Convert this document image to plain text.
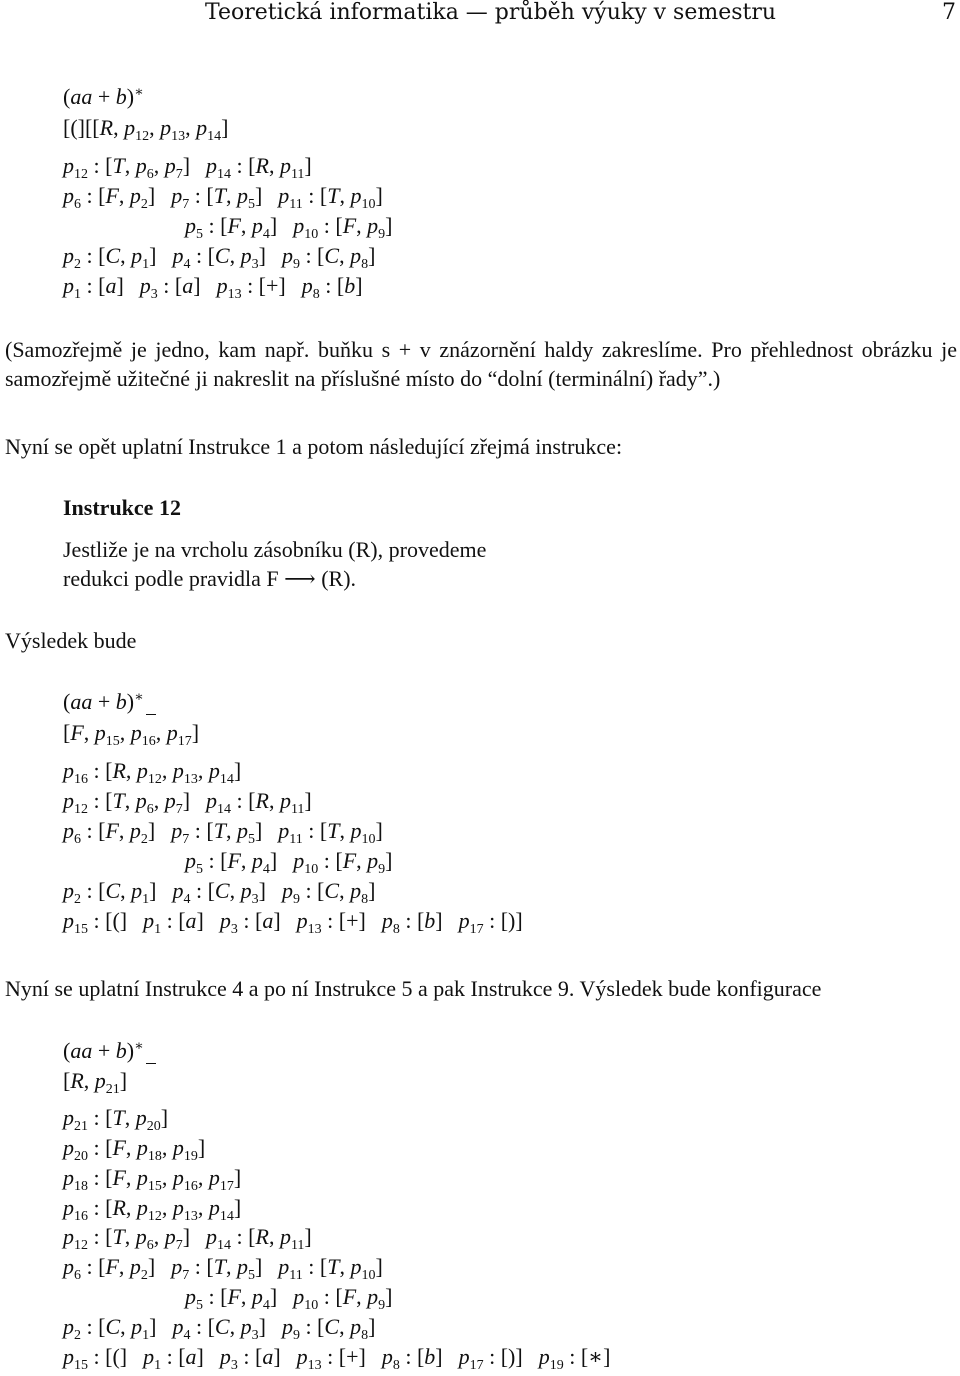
Teoretická informatika — průběh výuky v semestru	7
(aa + b)∗
[(][[R, $p_{12}$, $p_{13}$, $p_{14}$]
$p_{12}$ : [T, $p_6$, $p_7$] $p_{14}$ : [R, $p_{11}$]
$p_6$ : [F, $p_2$] $p_7$ : [T, $p_5$] $p_{11}$ : [T, $p_{10}$]
$p_5$ : [F, $p_4$] $p_{10}$ : [F, $p_9$]
$p_2$ : [C, $p_1$] $p_4$ : [C, $p_3$] $p_9$ : [C, $p_8$]
$p_1$ : [a] $p_3$ : [a] $p_{13}$ : [+] $p_8$ : [b]
(Samozřejmě je jedno, kam např. buňku s + v znázornění haldy zakreslíme. Pro přehlednost obrázku je samozřejmě užitečné ji nakreslit na příslušné místo do “dolní (terminální) řady”.)
Nyní se opět uplatní Instrukce 1 a potom následující zřejmá instrukce:
Instrukce 12
Jestliže je na vrcholu zásobníku (R), provedeme
redukci podle pravidla F ⟶ (R).
Výsledek bude
(aa + b)∗
[F, $p_{15}$, $p_{16}$, $p_{17}$]
$p_{16}$ : [R, $p_{12}$, $p_{13}$, $p_{14}$]
$p_{12}$ : [T, $p_6$, $p_7$] $p_{14}$ : [R, $p_{11}$]
$p_6$ : [F, $p_2$] $p_7$ : [T, $p_5$] $p_{11}$ : [T, $p_{10}$]
$p_5$ : [F, $p_4$] $p_{10}$ : [F, $p_9$]
$p_2$ : [C, $p_1$] $p_4$ : [C, $p_3$] $p_9$ : [C, $p_8$]
$p_{15}$ : [(] $p_1$ : [a] $p_3$ : [a] $p_{13}$ : [+] $p_8$ : [b] $p_{17}$ : [)]
Nyní se uplatní Instrukce 4 a po ní Instrukce 5 a pak Instrukce 9. Výsledek bude konfigurace
(aa + b)∗
[R, $p_{21}$]
$p_{21}$ : [T, $p_{20}$]
$p_{20}$ : [F, $p_{18}$, $p_{19}$]
$p_{18}$ : [F, $p_{15}$, $p_{16}$, $p_{17}$]
$p_{16}$ : [R, $p_{12}$, $p_{13}$, $p_{14}$]
$p_{12}$ : [T, $p_6$, $p_7$] $p_{14}$ : [R, $p_{11}$]
$p_6$ : [F, $p_2$] $p_7$ : [T, $p_5$] $p_{11}$ : [T, $p_{10}$]
$p_5$ : [F, $p_4$] $p_{10}$ : [F, $p_9$]
$p_2$ : [C, $p_1$] $p_4$ : [C, $p_3$] $p_9$ : [C, $p_8$]
$p_{15}$ : [(] $p_1$ : [a] $p_3$ : [a] $p_{13}$ : [+] $p_8$ : [b] $p_{17}$ : [)] $p_{19}$ : [∗]
